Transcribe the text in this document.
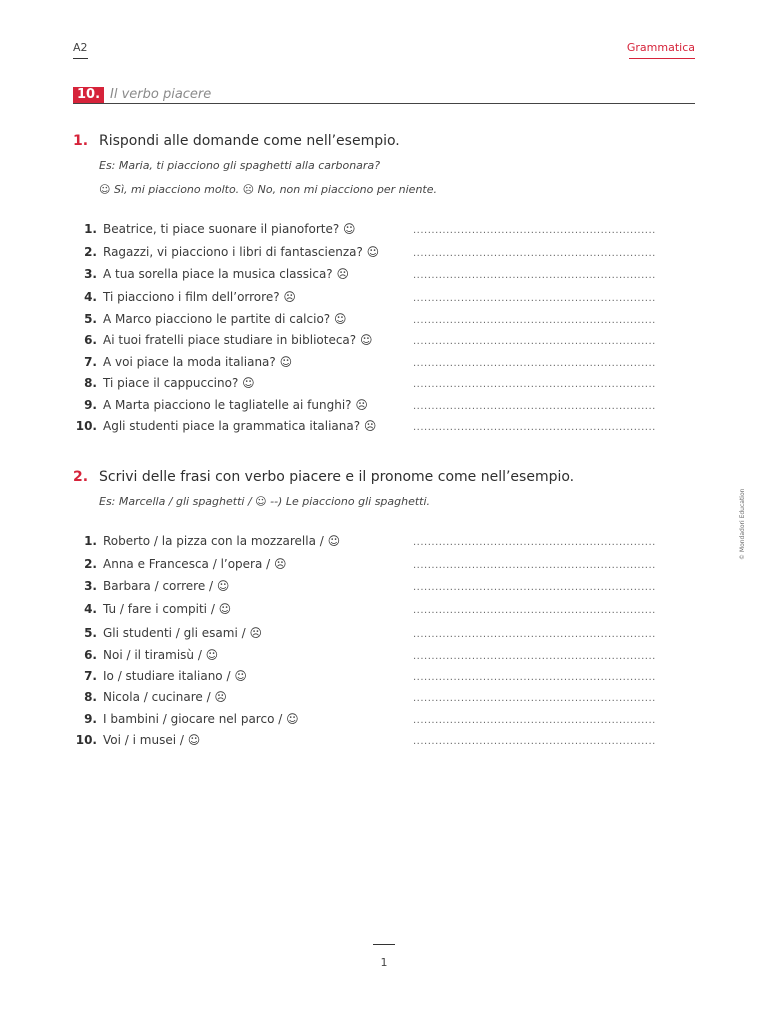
A2	Grammatica
10. Il verbo piacere
1. Rispondi alle domande come nell’esempio.
Es: Maria, ti piacciono gli spaghetti alla carbonara?
☺ Sì, mi piacciono molto. ☹ No, non mi piacciono per niente.
1. Beatrice, ti piace suonare il pianoforte? ☺	..................................................................
2. Ragazzi, vi piacciono i libri di fantascienza? ☺	..................................................................
3. A tua sorella piace la musica classica? ☹	..................................................................
4. Ti piacciono i film dell’orrore? ☹	..................................................................
5. A Marco piacciono le partite di calcio? ☺	..................................................................
6. Ai tuoi fratelli piace studiare in biblioteca? ☺	..................................................................
7. A voi piace la moda italiana? ☺	..................................................................
8. Ti piace il cappuccino? ☺	..................................................................
9. A Marta piacciono le tagliatelle ai funghi? ☹	..................................................................
10. Agli studenti piace la grammatica italiana? ☹	..................................................................
2. Scrivi delle frasi con verbo piacere e il pronome come nell’esempio.
Es: Marcella / gli spaghetti / ☺ --) Le piacciono gli spaghetti.
1. Roberto / la pizza con la mozzarella / ☺	..................................................................
2. Anna e Francesca / l’opera / ☹	..................................................................
3. Barbara / correre / ☺	..................................................................
4. Tu / fare i compiti / ☺	..................................................................
5. Gli studenti / gli esami / ☹	..................................................................
6. Noi / il tiramisù / ☺	..................................................................
7. Io / studiare italiano / ☺	..................................................................
8. Nicola / cucinare / ☹	..................................................................
9. I bambini / giocare nel parco / ☺	..................................................................
10. Voi / i musei / ☺	..................................................................
© Mondadori Education
1
